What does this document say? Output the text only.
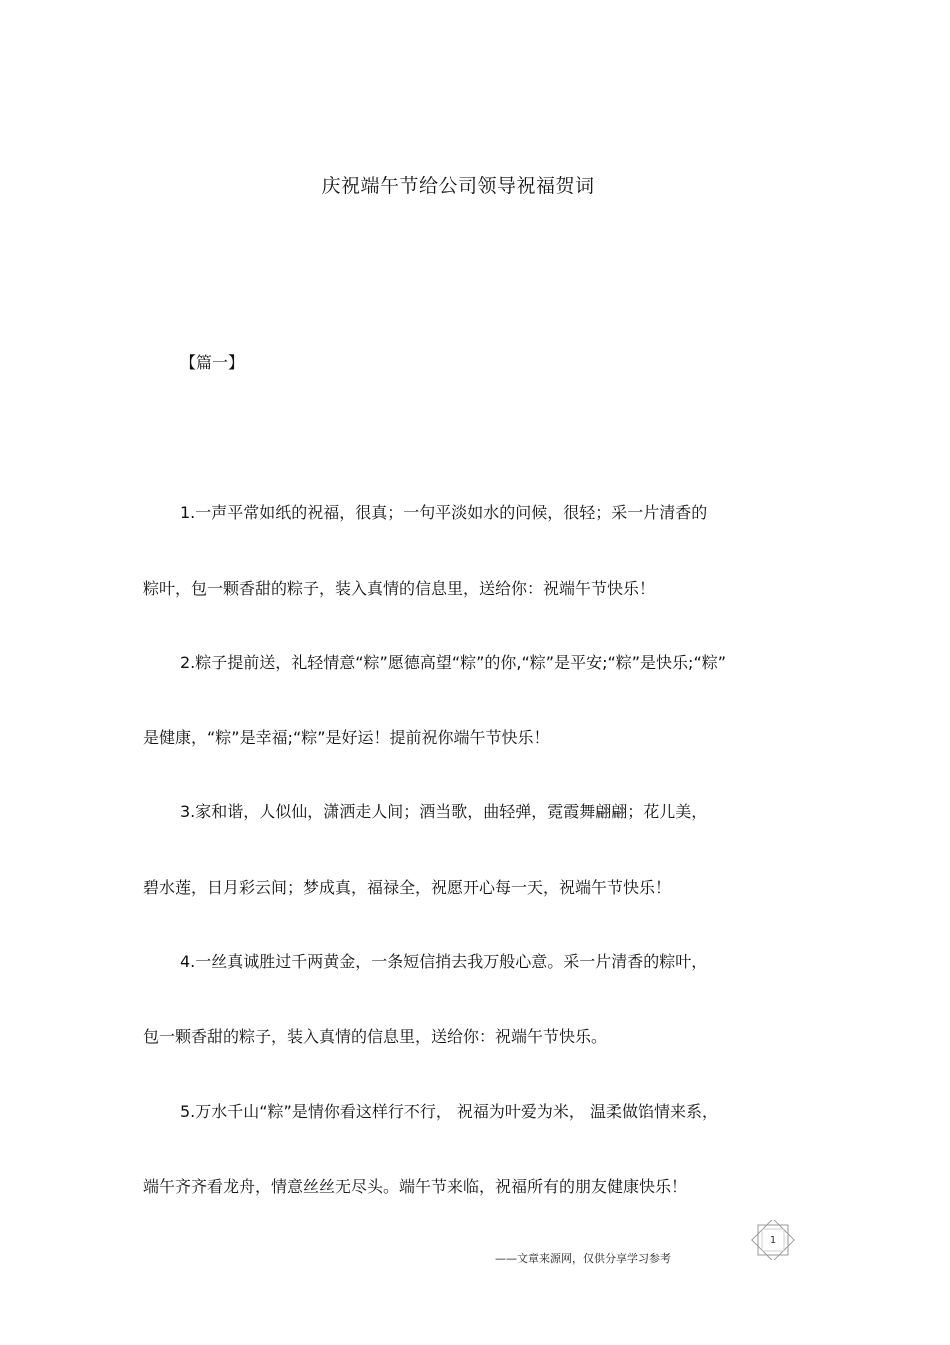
庆祝端午节给公司领导祝福贺词
【篇一】
1.一声平常如纸的祝福，很真；一句平淡如水的问候，很轻；采一片清香的
粽叶，包一颗香甜的粽子，装入真情的信息里，送给你：祝端午节快乐！
2.粽子提前送，礼轻情意“粽”愿德高望“粽”的你,“粽”是平安;“粽”是快乐;“粽”
是健康，“粽”是幸福;“粽”是好运！提前祝你端午节快乐！
3.家和谐，人似仙，潇洒走人间；酒当歌，曲轻弹，霓霞舞翩翩；花儿美，
碧水莲，日月彩云间；梦成真，福禄全，祝愿开心每一天，祝端午节快乐！
4.一丝真诚胜过千两黄金，一条短信捎去我万般心意。采一片清香的粽叶，
包一颗香甜的粽子，装入真情的信息里，送给你：祝端午节快乐。
5.万水千山“粽”是情你看这样行不行， 祝福为叶爱为米， 温柔做馅情来系，
端午齐齐看龙舟，情意丝丝无尽头。端午节来临，祝福所有的朋友健康快乐！
——文章来源网，仅供分享学习参考
1
